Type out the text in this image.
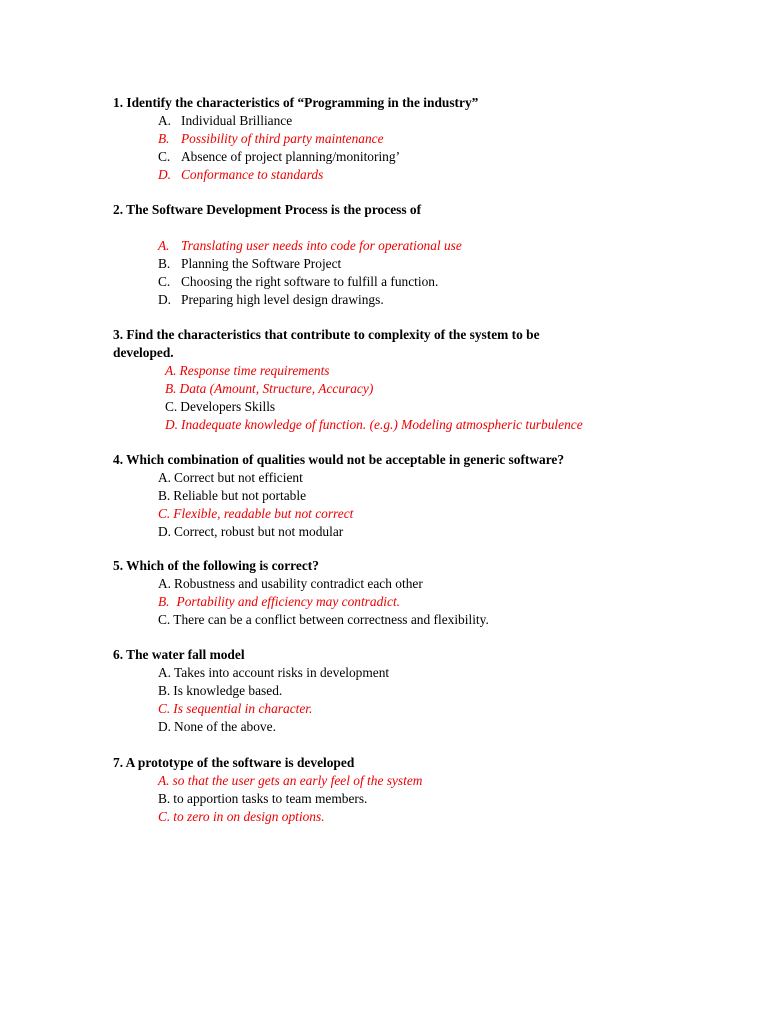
1. Identify the characteristics of “Programming in the industry”

A. Individual Brilliance
B. Possibility of third party maintenance
C. Absence of project planning/monitoring’
D. Conformance to standards

2. The Software Development Process is the process of

A. Translating user needs into code for operational use
B. Planning the Software Project
C. Choosing the right software to fulfill a function.
D. Preparing high level design drawings.

3. Find the characteristics that contribute to complexity of the system to be developed.

A. Response time requirements
B. Data (Amount, Structure, Accuracy)
C. Developers Skills
D. Inadequate knowledge of function. (e.g.) Modeling atmospheric turbulence

4. Which combination of qualities would not be acceptable in generic software?

A. Correct but not efficient
B. Reliable but not portable
C. Flexible, readable but not correct
D. Correct, robust but not modular

5. Which of the following is correct?

A. Robustness and usability contradict each other
B. Portability and efficiency may contradict.
C. There can be a conflict between correctness and flexibility.

6. The water fall model

A. Takes into account risks in development
B. Is knowledge based.
C. Is sequential in character.
D. None of the above.

7. A prototype of the software is developed

A. so that the user gets an early feel of the system
B. to apportion tasks to team members.
C. to zero in on design options.
